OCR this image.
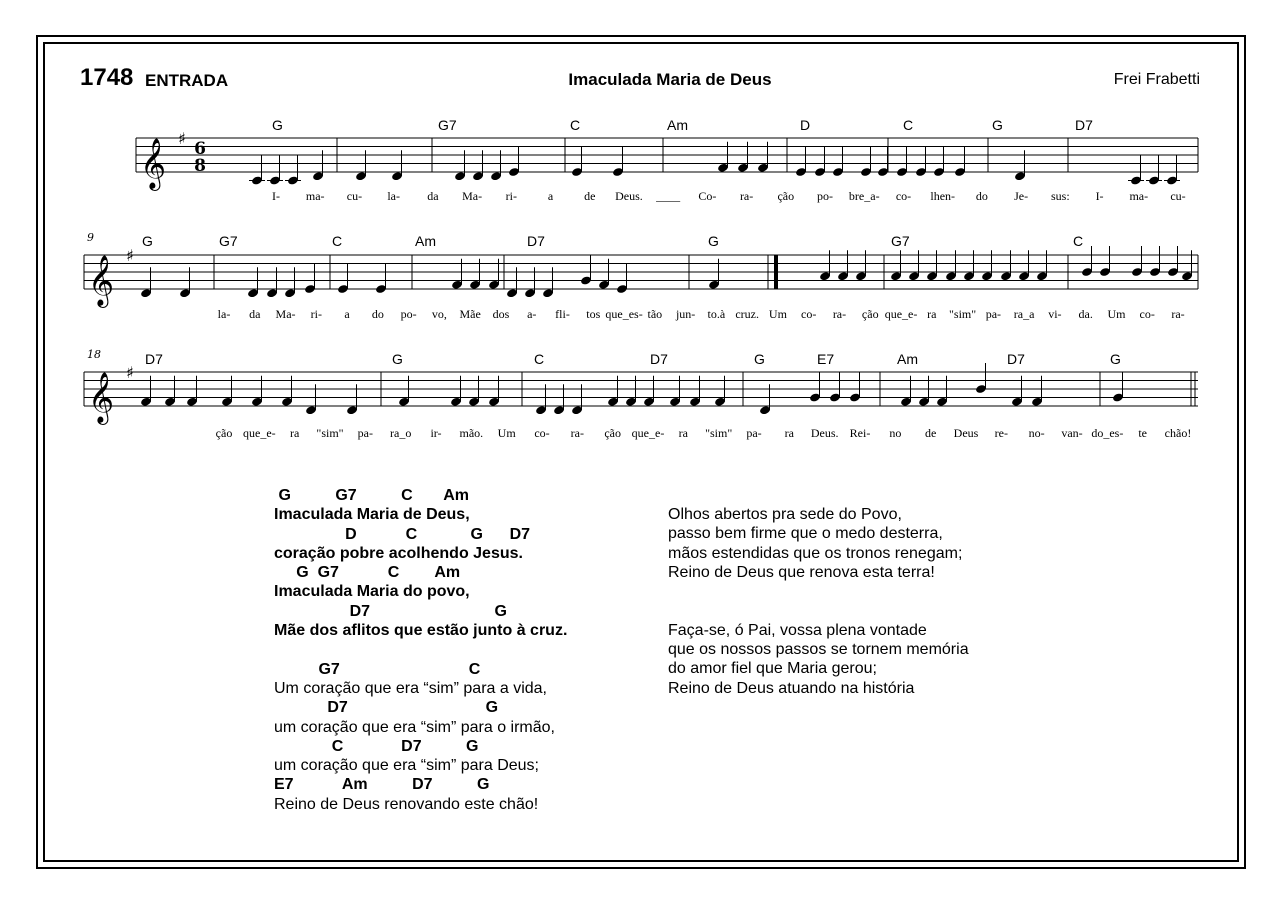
1748 ENTRADA	Imaculada Maria de Deus	Frei Frabetti
𝄞 ♯
6
8
G	G7	C	Am	D	C	G	D7
I- ma- cu- la- da Ma- ri-	a	de Deus. ____ Co- ra- ção po- bre_a- co- lhen- do Je- sus: I- ma- cu-
𝄞 ♯
9	G	G7	C	Am	D7	G	G7	C
la- da Ma- ri- a do po- vo, Mãe dos a- fli- tos que_es- tão jun- to.à cruz. Um co- ra- ção que_e- ra "sim" pa- ra_a vi- da. Um co- ra-
𝄞 ♯
18	D7	G	C	D7	G	E7	Am	D7	G
ção que_e- ra "sim" pa- ra_o ir- mão. Um co- ra- ção que_e- ra "sim" pa- ra Deus. Rei- no de Deus re- no- van- do_es- te chão!
G          G7          C       Am
Imaculada Maria de Deus,
D           C            G      D7
coração pobre acolhendo Jesus.
G  G7           C        Am
Imaculada Maria do povo,
D7                            G
Mãe dos aflitos que estão junto à cruz.

G7                             C
Um coração que era “sim” para a vida,
D7                               G
um coração que era “sim” para o irmão,
C             D7          G
um coração que era “sim” para Deus;
E7           Am          D7          G
Reino de Deus renovando este chão!
Olhos abertos pra sede do Povo,
passo bem firme que o medo desterra,
mãos estendidas que os tronos renegam;
Reino de Deus que renova esta terra!

Faça-se, ó Pai, vossa plena vontade
que os nossos passos se tornem memória
do amor fiel que Maria gerou;
Reino de Deus atuando na história
